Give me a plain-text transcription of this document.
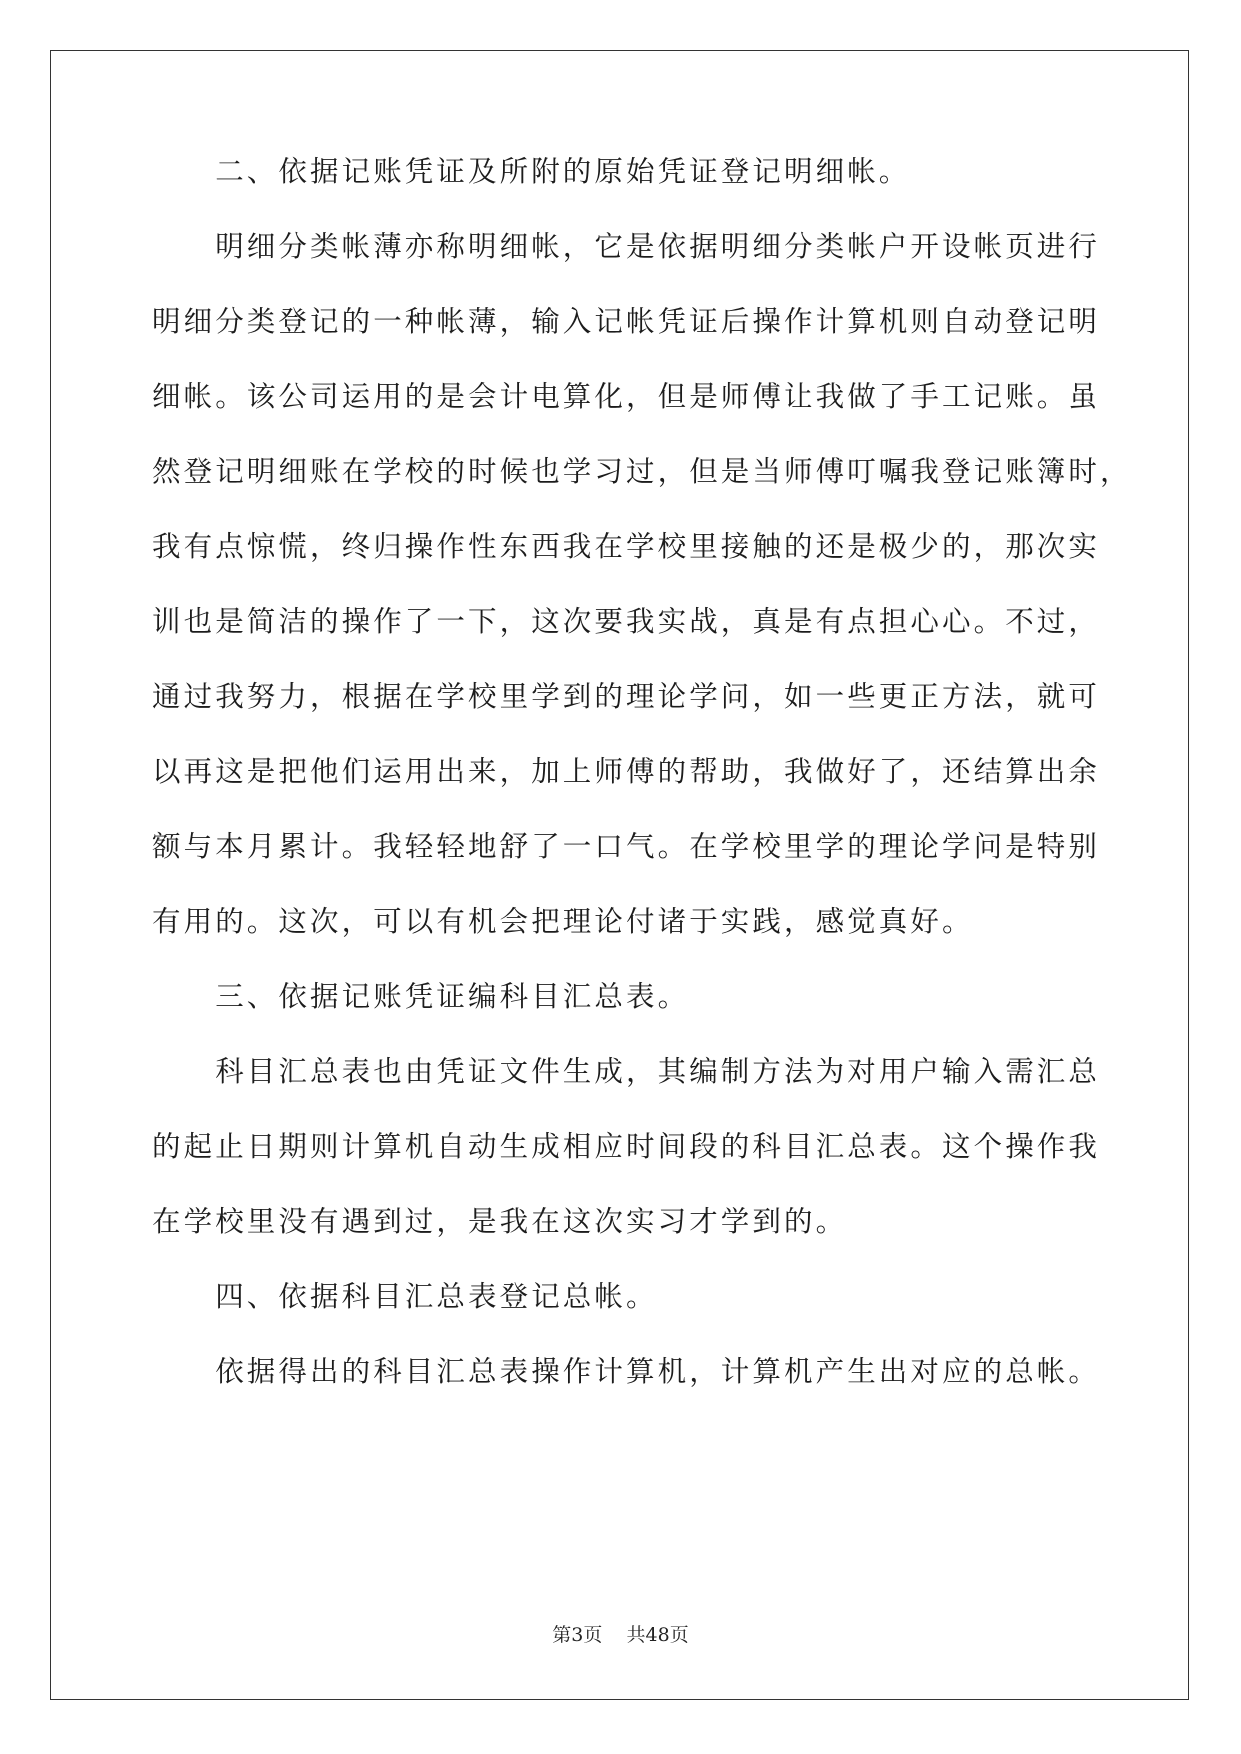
　　二、依据记账凭证及所附的原始凭证登记明细帐。
　　明细分类帐薄亦称明细帐，它是依据明细分类帐户开设帐页进行
明细分类登记的一种帐薄，输入记帐凭证后操作计算机则自动登记明
细帐。该公司运用的是会计电算化，但是师傅让我做了手工记账。虽
然登记明细账在学校的时候也学习过，但是当师傅叮嘱我登记账簿时，
我有点惊慌，终归操作性东西我在学校里接触的还是极少的，那次实
训也是简洁的操作了一下，这次要我实战，真是有点担心心。不过，
通过我努力，根据在学校里学到的理论学问，如一些更正方法，就可
以再这是把他们运用出来，加上师傅的帮助，我做好了，还结算出余
额与本月累计。我轻轻地舒了一口气。在学校里学的理论学问是特别
有用的。这次，可以有机会把理论付诸于实践，感觉真好。
　　三、依据记账凭证编科目汇总表。
　　科目汇总表也由凭证文件生成，其编制方法为对用户输入需汇总
的起止日期则计算机自动生成相应时间段的科目汇总表。这个操作我
在学校里没有遇到过，是我在这次实习才学到的。
　　四、依据科目汇总表登记总帐。
　　依据得出的科目汇总表操作计算机，计算机产生出对应的总帐。
第3页 共48页
